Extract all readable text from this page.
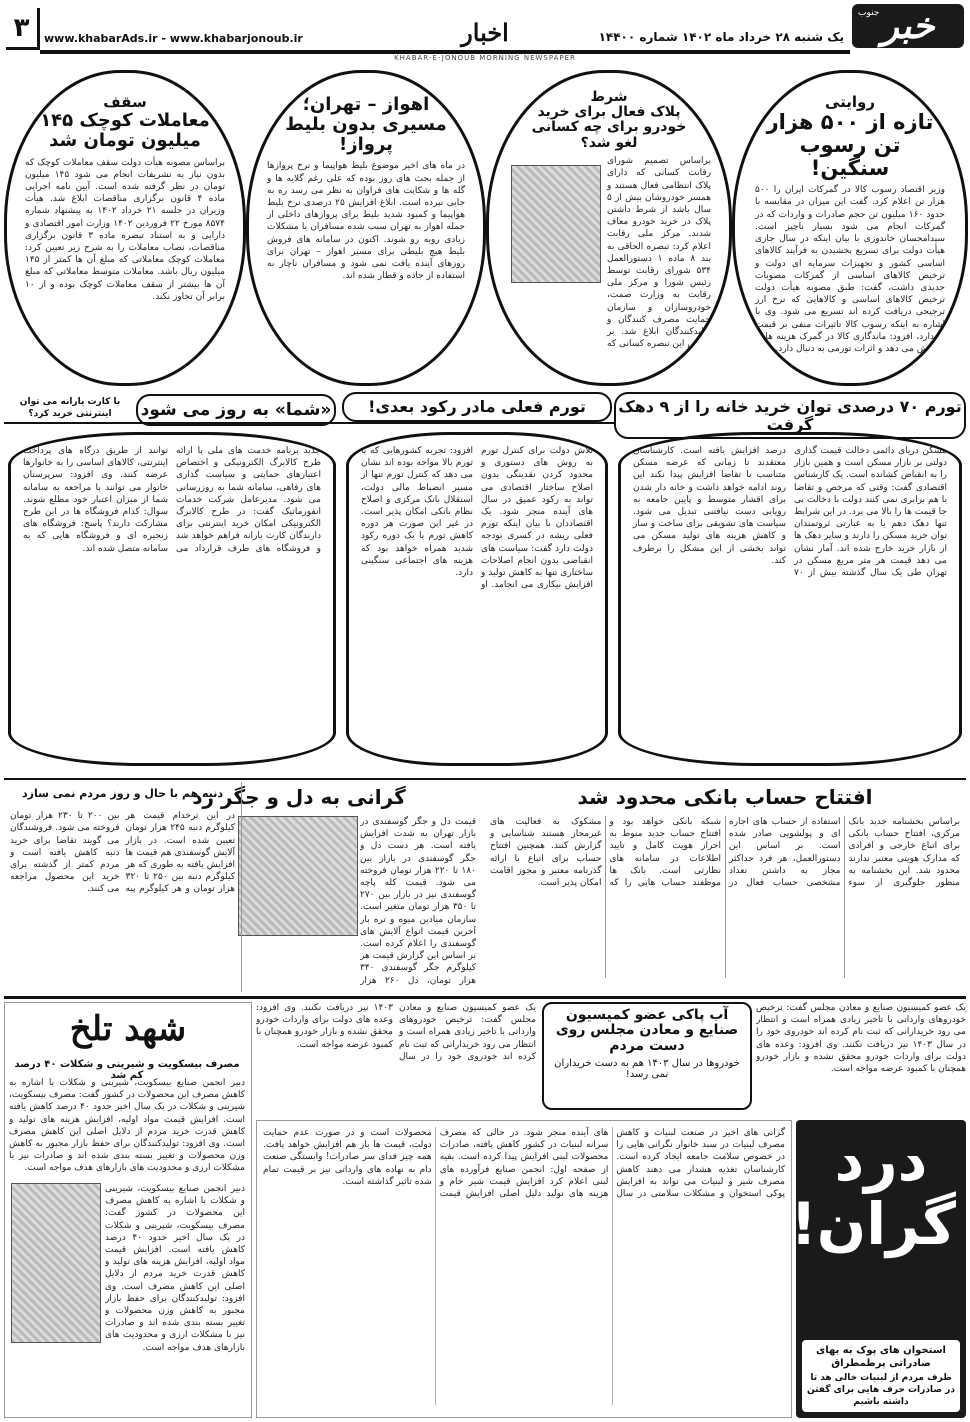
خبر
جنوب
یک شنبه ۲۸ خرداد ماه ۱۴۰۲ شماره ۱۴۴۰۰
اخبار
www.khabarAds.ir - www.khabarjonoub.ir
۳
KHABAR-E-JONOUB MORNING NEWSPAPER
روایتی
تازه از ۵۰۰ هزار تن رسوب سنگین!
وزیر اقتصاد رسوب کالا در گمرکات ایران را ۵۰۰ هزار تن اعلام کرد. گفت این میزان در مقایسه با حدود ۱۶۰ میلیون تن حجم صادرات و واردات که در گمرکات انجام می شود بسیار ناچیز است. سیدامحسان خاندوزی با بیان اینکه در سال جاری هیأت دولت برای تسریع بخشیدن به فرآیند کالاهای اساسی کشور و تجهیزات سرمایه ای دولت و ترخیص کالاهای اساسی از گمرکات مصوبات جدیدی داشت، گفت: طبق مصوبه هیأت دولت ترخیص کالاهای اساسی و کالاهایی که نرخ ارز ترجیحی دریافت کرده اند تسریع می شود. وی با اشاره به اینکه رسوب کالا تاثیرات منفی بر قیمت ها دارد، افزود: ماندگاری کالا در گمرک هزینه ها را افزایش می دهد و اثرات تورمی به دنبال دارد.
شرط
پلاک فعال برای خرید خودرو برای چه کسانی لغو شد؟
براساس تصمیم شورای رقابت کسانی که دارای پلاک انتظامی فعال هستند و همسر خودروشان بیش از ۵ سال باشد از شرط داشتن پلاک در خرید خودرو معاف شدند. مرکز ملی رقابت اعلام کرد: تبصره الحاقی به بند ۸ ماده ۱ دستورالعمل ۵۳۴ شورای رقابت توسط رئیس شورا و مرکز ملی رقابت به وزارت صمت، خودروسازان و سازمان حمایت مصرف کنندگان و تولیدکنندگان ابلاغ شد. بر اساس این تبصره کسانی که
اهواز – تهران؛ مسیری بدون بلیط پرواز!
در ماه های اخیر موضوع بلیط هواپیما و نرخ پروازها از جمله بحث های روز بوده که علی رغم گلایه ها و گله ها و شکایت های فراوان به نظر می رسد ره به جایی نبرده است. ابلاغ افزایش ۲۵ درصدی نرخ بلیط هواپیما و کمبود شدید بلیط برای پروازهای داخلی از جمله اهواز به تهران سبب شده مسافران با مشکلات زیادی روبه رو شوند. اکنون در سامانه های فروش بلیط هیچ بلیطی برای مسیر اهواز – تهران برای روزهای آینده یافت نمی شود و مسافران ناچار به استفاده از جاده و قطار شده اند.
سقف
معاملات کوچک ۱۴۵ میلیون تومان شد
براساس مصوبه هیأت دولت سقف معاملات کوچک که بدون نیاز به تشریفات انجام می شود ۱۴۵ میلیون تومان در نظر گرفته شده است. آیین نامه اجرایی ماده ۴ قانون برگزاری مناقصات ابلاغ شد. هیأت وزیران در جلسه ۲۱ خرداد ۱۴۰۲ به پیشنهاد شماره ۸۵۷۴ مورخ ۲۲ فروردین ۱۴۰۲ وزارت امور اقتصادی و دارایی و به استناد تبصره ماده ۳ قانون برگزاری مناقصات، نصاب معاملات را به شرح زیر تعیین کرد: معاملات کوچک معاملاتی که مبلغ آن ها کمتر از ۱۴۵ میلیون ریال باشد. معاملات متوسط معاملاتی که مبلغ آن ها بیشتر از سقف معاملات کوچک بوده و از ۱۰ برابر آن تجاوز نکند.
تورم ۷۰ درصدی توان خرید خانه را از ۹ دهک گرفت
مسکن دریای دائمی دخالت قیمت گذاری دولتی بر بازار مسکن است و همین بازار را به انقباض کشانده است. یک کارشناس اقتصادی گفت: وقتی که مرخص و تقاضا با هم برابری نمی کنند دولت با دخالت بی جا قیمت ها را بالا می برد. در این شرایط تنها دهک دهم یا به عبارتی ثروتمندان توان خرید مسکن را دارند و سایر دهک ها از بازار خرید خارج شده اند. آمار نشان می دهد قیمت هر متر مربع مسکن در تهران طی یک سال گذشته بیش از ۷۰ درصد افزایش یافته است. کارشناسان معتقدند تا زمانی که عرضه مسکن متناسب با تقاضا افزایش پیدا نکند این روند ادامه خواهد داشت و خانه دار شدن برای اقشار متوسط و پایین جامعه به رویایی دست نیافتنی تبدیل می شود. سیاست های تشویقی برای ساخت و ساز و کاهش هزینه های تولید مسکن می تواند بخشی از این مشکل را برطرف کند.
تورم فعلی مادر رکود بعدی!
تلاش دولت برای کنترل تورم به روش های دستوری و محدود کردن نقدینگی بدون اصلاح ساختار اقتصادی می تواند به رکود عمیق در سال های آینده منجر شود. یک اقتصاددان با بیان اینکه تورم فعلی ریشه در کسری بودجه دولت دارد گفت: سیاست های انقباضی بدون انجام اصلاحات ساختاری تنها به کاهش تولید و افزایش بیکاری می انجامد. او افزود: تجربه کشورهایی که با تورم بالا مواجه بوده اند نشان می دهد که کنترل تورم تنها از مسیر انضباط مالی دولت، استقلال بانک مرکزی و اصلاح نظام بانکی امکان پذیر است. در غیر این صورت هر دوره کاهش تورم با یک دوره رکود شدید همراه خواهد بود که هزینه های اجتماعی سنگینی دارد.
«شما» به روز می شود
با کارت یارانه می توان اینترنتی خرید کرد؟
جدید برنامه خدمت های ملی با ارائه طرح کالابرگ الکترونیکی و اختصاص اعتبارهای حمایتی و سیاست گذاری های رفاهی، سامانه شما به روزرسانی می شود. مدیرعامل شرکت خدمات انفورماتیک گفت: در طرح کالابرگ الکترونیکی امکان خرید اینترنتی برای دارندگان کارت یارانه فراهم خواهد شد و فروشگاه های طرف قرارداد می توانند از طریق درگاه های پرداخت اینترنتی، کالاهای اساسی را به خانوارها عرضه کنند. وی افزود: سرپرستان خانوار می توانند با مراجعه به سامانه شما از میزان اعتبار خود مطلع شوند. سوال: کدام فروشگاه ها در این طرح مشارکت دارند؟ پاسخ: فروشگاه های زنجیره ای و فروشگاه هایی که به سامانه متصل شده اند.
افتتاح حساب بانکی محدود شد
براساس بخشنامه جدید بانک مرکزی، افتتاح حساب بانکی برای اتباع خارجی و افرادی که مدارک هویتی معتبر ندارند محدود شد. این بخشنامه به منظور جلوگیری از سوء استفاده از حساب های اجاره ای و پولشویی صادر شده است. بر اساس این دستورالعمل، هر فرد حداکثر مجاز به داشتن تعداد مشخصی حساب فعال در شبکه بانکی خواهد بود و افتتاح حساب جدید منوط به احراز هویت کامل و تایید اطلاعات در سامانه های نظارتی است. بانک ها موظفند حساب هایی را که مشکوک به فعالیت های غیرمجاز هستند شناسایی و گزارش کنند. همچنین افتتاح حساب برای اتباع با ارائه گذرنامه معتبر و مجوز اقامت امکان پذیر است.
گرانی به دل و جگر زد
قیمت دل و جگر گوسفندی در بازار تهران به شدت افزایش یافته است. هر دست دل و جگر گوسفندی در بازار بین ۱۸۰ تا ۲۲۰ هزار تومان فروخته می شود. قیمت کله پاچه گوسفندی نیز در بازار بین ۲۷۰ تا ۳۵۰ هزار تومان متغیر است. سازمان میادین میوه و تره بار آخرین قیمت انواع آلایش های گوسفندی را اعلام کرده است. بر اساس این گزارش قیمت هر کیلوگرم جگر گوسفندی ۳۴۰ هزار تومان، دل ۲۶۰ هزار
دنبه هم با حال و روز مردم نمی سازد
در این ترخدام قیمت هر کیلوگرم دنبه ۲۴۵ هزار تومان تعیین شده است. در بازار آلایش گوسفندی هم قیمت ها افزایش یافته به طوری که هر کیلوگرم دنبه بین ۲۵۰ تا ۳۲۰ هزار تومان و هر کیلوگرم پیه بین ۲۰۰ تا ۲۳۰ هزار تومان فروخته می شود. فروشندگان می گویند تقاضا برای خرید دنبه کاهش یافته است و مردم کمتر از گذشته برای خرید این محصول مراجعه می کنند.
یک عضو کمیسیون صنایع و معادن مجلس گفت: ترخیص خودروهای وارداتی با تاخیر زیادی همراه است و انتظار می رود خریدارانی که ثبت نام کرده اند خودروی خود را در سال ۱۴۰۳ نیز دریافت نکنند. وی افزود: وعده های دولت برای واردات خودرو محقق نشده و بازار خودرو همچنان با کمبود عرضه مواجه است.
آب پاکی عضو کمیسیون صنایع و معادن مجلس روی دست مردم
خودروها در سال ۱۴۰۳ هم به دست خریداران نمی رسد!
یک عضو کمیسیون صنایع و معادن مجلس گفت: ترخیص خودروهای وارداتی با تاخیر زیادی همراه است و انتظار می رود خریدارانی که ثبت نام کرده اند خودروی خود را در سال ۱۴۰۳ نیز دریافت نکنند. وی افزود: وعده های دولت برای واردات خودرو محقق نشده و بازار خودرو همچنان با کمبود عرضه مواجه است.
شهد تلخ
مصرف بیسکویت و شیرینی و شکلات ۴۰ درصد کم شد
دبیر انجمن صنایع بیسکویت، شیرینی و شکلات با اشاره به کاهش مصرف این محصولات در کشور گفت: مصرف بیسکویت، شیرینی و شکلات در یک سال اخیر حدود ۴۰ درصد کاهش یافته است. افزایش قیمت مواد اولیه، افزایش هزینه های تولید و کاهش قدرت خرید مردم از دلایل اصلی این کاهش مصرف است. وی افزود: تولیدکنندگان برای حفظ بازار مجبور به کاهش وزن محصولات و تغییر بسته بندی شده اند و صادرات نیز با مشکلات ارزی و محدودیت های بازارهای هدف مواجه است.
دبیر انجمن صنایع بیسکویت، شیرینی و شکلات با اشاره به کاهش مصرف این محصولات در کشور گفت: مصرف بیسکویت، شیرینی و شکلات در یک سال اخیر حدود ۴۰ درصد کاهش یافته است. افزایش قیمت مواد اولیه، افزایش هزینه های تولید و کاهش قدرت خرید مردم از دلایل اصلی این کاهش مصرف است. وی افزود: تولیدکنندگان برای حفظ بازار مجبور به کاهش وزن محصولات و تغییر بسته بندی شده اند و صادرات نیز با مشکلات ارزی و محدودیت های بازارهای هدف مواجه است.
درد گران!
استخوان های پوک به بهای صادراتی پرطمطراق
ظرف مردم از لبنیات خالی هد تا در صادرات حرف هایی برای گفتن داشته باشیم
گرانی های اخیر در صنعت لبنیات و کاهش مصرف لبنیات در سبد خانوار نگرانی هایی را در خصوص سلامت جامعه ایجاد کرده است. کارشناسان تغذیه هشدار می دهند کاهش مصرف شیر و لبنیات می تواند به افزایش پوکی استخوان و مشکلات سلامتی در سال های آینده منجر شود. در حالی که مصرف سرانه لبنیات در کشور کاهش یافته، صادرات محصولات لبنی افزایش پیدا کرده است. بقیه از صفحه اول: انجمن صنایع فرآورده های لبنی اعلام کرد افزایش قیمت شیر خام و هزینه های تولید دلیل اصلی افزایش قیمت محصولات است و در صورت عدم حمایت دولت، قیمت ها باز هم افزایش خواهد یافت. همه چیز فدای سر صادرات! وابستگی صنعت دام به نهاده های وارداتی نیز بر قیمت تمام شده تاثیر گذاشته است.
